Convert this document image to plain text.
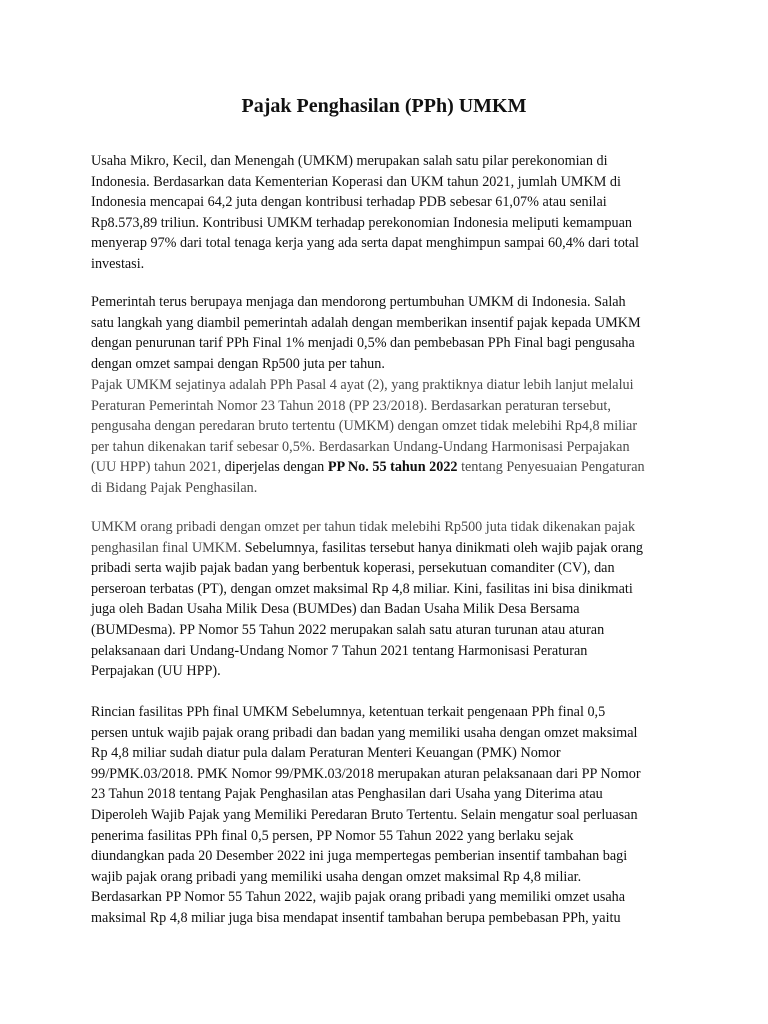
Pajak Penghasilan (PPh) UMKM

Usaha Mikro, Kecil, dan Menengah (UMKM) merupakan salah satu pilar perekonomian di
Indonesia. Berdasarkan data Kementerian Koperasi dan UKM tahun 2021, jumlah UMKM di
Indonesia mencapai 64,2 juta dengan kontribusi terhadap PDB sebesar 61,07% atau senilai
Rp8.573,89 triliun. Kontribusi UMKM terhadap perekonomian Indonesia meliputi kemampuan
menyerap 97% dari total tenaga kerja yang ada serta dapat menghimpun sampai 60,4% dari total
investasi.

Pemerintah terus berupaya menjaga dan mendorong pertumbuhan UMKM di Indonesia. Salah
satu langkah yang diambil pemerintah adalah dengan memberikan insentif pajak kepada UMKM
dengan penurunan tarif PPh Final 1% menjadi 0,5% dan pembebasan PPh Final bagi pengusaha
dengan omzet sampai dengan Rp500 juta per tahun.

Pajak UMKM sejatinya adalah PPh Pasal 4 ayat (2), yang praktiknya diatur lebih lanjut melalui
Peraturan Pemerintah Nomor 23 Tahun 2018 (PP 23/2018). Berdasarkan peraturan tersebut,
pengusaha dengan peredaran bruto tertentu (UMKM) dengan omzet tidak melebihi Rp4,8 miliar
per tahun dikenakan tarif sebesar 0,5%. Berdasarkan Undang-Undang Harmonisasi Perpajakan
(UU HPP) tahun 2021, diperjelas dengan PP No. 55 tahun 2022 tentang Penyesuaian Pengaturan
di Bidang Pajak Penghasilan.

UMKM orang pribadi dengan omzet per tahun tidak melebihi Rp500 juta tidak dikenakan pajak
penghasilan final UMKM. Sebelumnya, fasilitas tersebut hanya dinikmati oleh wajib pajak orang
pribadi serta wajib pajak badan yang berbentuk koperasi, persekutuan comanditer (CV), dan
perseroan terbatas (PT), dengan omzet maksimal Rp 4,8 miliar. Kini, fasilitas ini bisa dinikmati
juga oleh Badan Usaha Milik Desa (BUMDes) dan Badan Usaha Milik Desa Bersama
(BUMDesma). PP Nomor 55 Tahun 2022 merupakan salah satu aturan turunan atau aturan
pelaksanaan dari Undang-Undang Nomor 7 Tahun 2021 tentang Harmonisasi Peraturan
Perpajakan (UU HPP).

Rincian fasilitas PPh final UMKM Sebelumnya, ketentuan terkait pengenaan PPh final 0,5
persen untuk wajib pajak orang pribadi dan badan yang memiliki usaha dengan omzet maksimal
Rp 4,8 miliar sudah diatur pula dalam Peraturan Menteri Keuangan (PMK) Nomor
99/PMK.03/2018. PMK Nomor 99/PMK.03/2018 merupakan aturan pelaksanaan dari PP Nomor
23 Tahun 2018 tentang Pajak Penghasilan atas Penghasilan dari Usaha yang Diterima atau
Diperoleh Wajib Pajak yang Memiliki Peredaran Bruto Tertentu. Selain mengatur soal perluasan
penerima fasilitas PPh final 0,5 persen, PP Nomor 55 Tahun 2022 yang berlaku sejak
diundangkan pada 20 Desember 2022 ini juga mempertegas pemberian insentif tambahan bagi
wajib pajak orang pribadi yang memiliki usaha dengan omzet maksimal Rp 4,8 miliar.
Berdasarkan PP Nomor 55 Tahun 2022, wajib pajak orang pribadi yang memiliki omzet usaha
maksimal Rp 4,8 miliar juga bisa mendapat insentif tambahan berupa pembebasan PPh, yaitu
